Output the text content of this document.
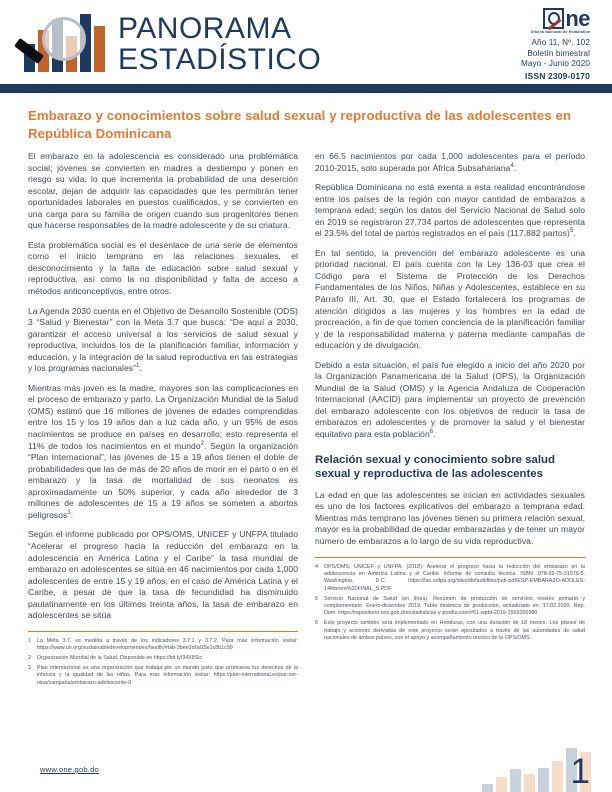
PANORAMA
ESTADÍSTICO
ne
Oficina Nacional de Estadística
Año 11, Nº. 102
Boletín bimestral
Mayo - Junio 2020
ISSN 2309-0170
Embarazo y conocimientos sobre salud sexual y reproductiva de las adolescentes en República Dominicana

El embarazo en la adolescencia es considerado una problemática social; jóvenes se convierten en madres a destiempo y ponen en riesgo su vida; lo que incrementa la probabilidad de una deserción escolar, dejan de adquirir las capacidades que les permitirán tener oportunidades laborales en puestos cualificados, y se convierten en una carga para su familia de origen cuando sus progenitores tienen que hacerse responsables de la madre adolescente y de su criatura.

Esta problemática social es el desenlace de una serie de elementos como el inicio temprano en las relaciones sexuales, el desconocimiento y la falta de educación sobre salud sexual y reproductiva, así como la no disponibilidad y falta de acceso a métodos anticonceptivos, entre otros.

La Agenda 2030 cuenta en el Objetivo de Desarrollo Sostenible (ODS) 3 “Salud y Bienestar” con la Meta 3.7 que busca: “De aquí a 2030, garantizar el acceso universal a los servicios de salud sexual y reproductiva, incluidos los de la planificación familiar, información y educación, y la integración de la salud reproductiva en las estrategias y los programas nacionales”$^1$.

Mientras más joven es la madre, mayores son las complicaciones en el proceso de embarazo y parto. La Organización Mundial de la Salud (OMS) estimó que 16 millones de jóvenes de edades comprendidas entre los 15 y los 19 años dan a luz cada año, y un 95% de esos nacimientos se produce en países en desarrollo; esto representa el 11% de todos los nacimientos en el mundo$^2$. Según la organización “Plan Internacional”, las jóvenes de 15 a 19 años tienen el doble de probabilidades que las de más de 20 años de morir en el parto o en el embarazo y la tasa de mortalidad de sus neonatos es aproximadamente un 50% superior, y cada año alrededor de 3 millones de adolescentes de 15 a 19 años se someten a abortos peligrosos$^3$.

Según el informe publicado por OPS/OMS, UNICEF y UNFPA titulado “Acelerar el progreso hacia la reducción del embarazo en la adolescencia en América Latina y el Caribe” la tasa mundial de embarazo en adolescentes se sitúa en 46 nacimientos por cada 1,000 adolescentes de entre 15 y 19 años; en el caso de América Latina y el Caribe, a pesar de que la tasa de fecundidad ha disminuido paulatinamente en los últimos treinta años, la tasa de embarazo en adolescentes se sitúa

1	La Meta 3.7. es medida a través de los indicadores 3.7.1 y 3.7.2. Para más información visitar: https://www.un.org/sustainabledevelopment/es/health/#tab-3bee2d0d15e1c8b1c99
2	Organización Mundial de la Salud. Disponible en https://bit.ly/34X8Sic
3	Plan Internacional es una organización que trabaja por un mundo justo que promueva los derechos de la infancia y la igualdad de las niñas. Para más información visitar: https://plan-international.es/por-ser-nina/campana/embarazo-adolescente-0

en 66.5 nacimientos por cada 1,000 adolescentes para el período 2010-2015, solo superada por África Subsahariana$^4$.

República Dominicana no está exenta a esta realidad encontrándose entre los países de la región con mayor cantidad de embarazos a temprana edad; según los datos del Servicio Nacional de Salud solo en 2019 se registraron 27,734 partos de adolescentes que representa el 23.5% del total de partos registrados en el país (117,882 partos)$^5$.

En tal sentido, la prevención del embarazo adolescente es una prioridad nacional. El país cuenta con la Ley 136-03 que crea el Código para el Sistema de Protección de los Derechos Fundamentales de los Niños, Niñas y Adolescentes, establece en su Párrafo III, Art. 30, que el Estado fortalecerá los programas de atención dirigidos a las mujeres y los hombres en la edad de procreación, a fin de que tomen conciencia de la planificación familiar y de la responsabilidad materna y paterna mediante campañas de educación y de divulgación.

Debido a esta situación, el país fue elegido a inicio del año 2020 por la Organización Panamericana de la Salud (OPS), la Organización Mundial de la Salud (OMS) y la Agencia Andaluza de Cooperación Internacional (AACID) para implementar un proyecto de prevención del embarazo adolescente con los objetivos de reducir la tasa de embarazos en adolescentes y de promover la salud y el bienestar equitativo para esta población$^6$.

Relación sexual y conocimiento sobre salud sexual y reproductiva de las adolescentes

La edad en que las adolescentes se inician en actividades sexuales es uno de los factores explicativos del embarazo a temprana edad. Mientras más temprano las jóvenes tienen su primera relación sexual, mayor es la probabilidad de quedar embarazadas y de tener un mayor número de embarazos a lo largo de su vida reproductiva.

4	OPS/OMS, UNICEF y UNFPA. (2018). Acelerar el progreso hacia la reducción del embarazo en la adolescencia en América Latina y el Caribe. Informe de consulta técnica. ISBN: 978-92-75-31976-5. Washington, D.C. https://lac.unfpa.org/sites/default/files/pub-pdf/ESP-EMBARAZO-ADOLES-14febrero%20FINAL_S.PDF
5	Servicio Nacional de Salud (en línea). Resumen de producción de servicios niveles primario y complementario. Enero-diciembre 2019. Tabla dinámica de producción, actualizado en: 17.02.2020. Rep. Dom. https://repositorio.sns.gob.do/estadisticas-y-produccion/#51-wpfd-2019-1569266980
6	Este proyecto también será implementado en Honduras, con una duración de 18 meses. Los planes de trabajo y acciones derivadas de este proyecto serán ejecutados a través de las autoridades de salud nacionales de ambos países, con el apoyo y acompañamiento técnico de la OPS/OMS.
www.one.gob.do	1
